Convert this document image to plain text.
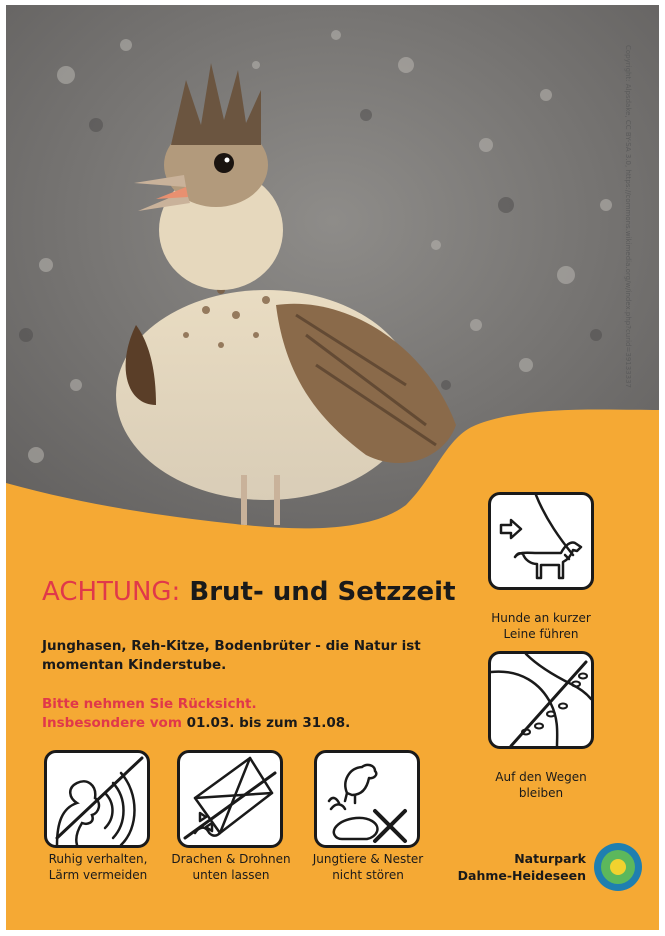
Copyright: Alpsdake, CC BY-SA 3.0, https://commons.wikimedia.org/w/index.php?curid=39133337
ACHTUNG: Brut- und Setzzeit

Junghasen, Reh-Kitze, Bodenbrüter - die Natur ist momentan Kinderstube.

Bitte nehmen Sie Rücksicht.
Insbesondere vom 01.03. bis zum 31.08.

Hunde an kurzer
Leine führen
Auf den Wegen
bleiben
Ruhig verhalten,
Lärm vermeiden
Drachen & Drohnen
unten lassen
Jungtiere & Nester
nicht stören
Naturpark
Dahme-Heideseen
